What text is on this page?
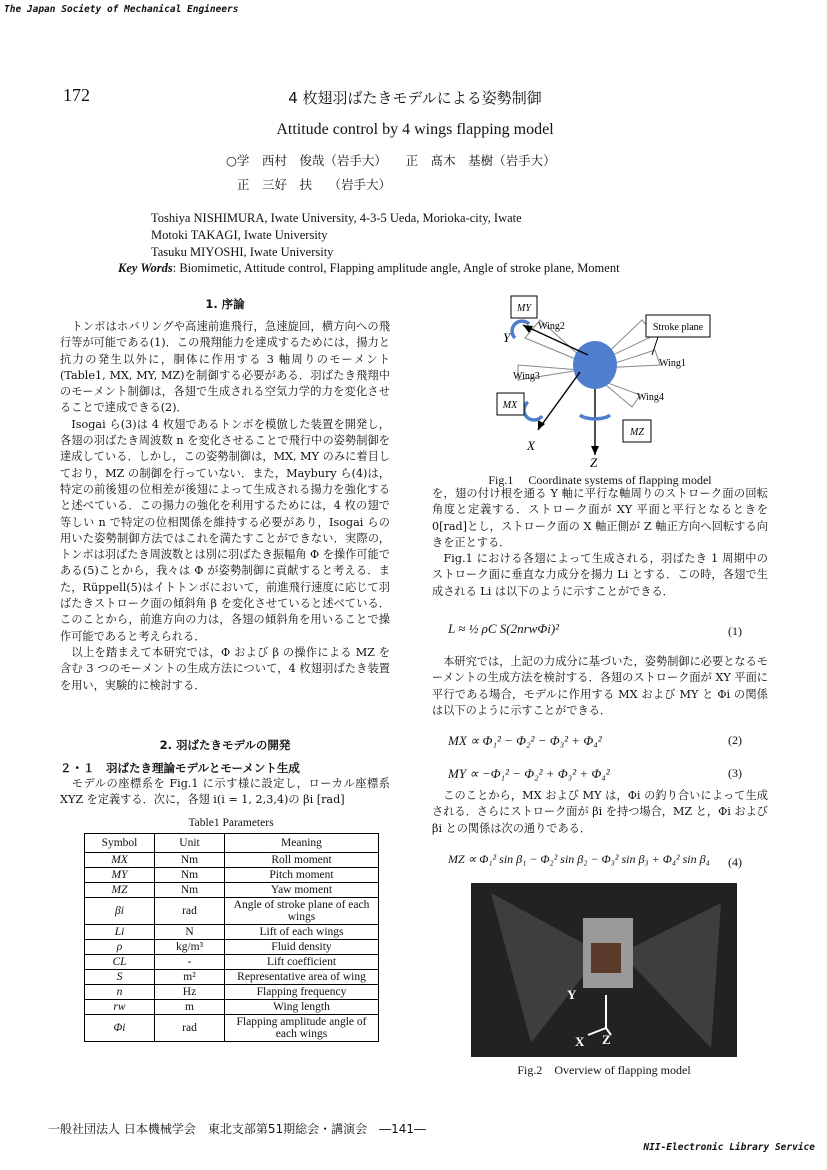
The Japan Society of Mechanical Engineers
NII-Electronic Library Service
172	4 枚翅羽ばたきモデルによる姿勢制御
Attitude control by 4 wings flapping model
○学　西村　俊哉（岩手大）　　正　髙木　基樹（岩手大）
正　三好　扶　 （岩手大）
Toshiya NISHIMURA, Iwate University, 4-3-5 Ueda, Morioka-city, Iwate
Motoki TAKAGI, Iwate University
Tasuku MIYOSHI, Iwate University
Key Words: Biomimetic, Attitude control, Flapping amplitude angle, Angle of stroke plane, Moment
1. 序論
　トンボはホバリングや高速前進飛行，急速旋回，横方向への飛行等が可能である(1)．この飛翔能力を達成するためには，揚力と抗力の発生以外に，胴体に作用する 3 軸周りのモーメント(Table1, MX, MY, MZ)を制御する必要がある．羽ばたき飛翔中のモーメント制御は，各翅で生成される空気力学的力を変化させることで達成できる(2)．
　Isogai ら(3)は 4 枚翅であるトンボを模倣した装置を開発し，各翅の羽ばたき周波数 n を変化させることで飛行中の姿勢制御を達成している．しかし，この姿勢制御は，MX, MY のみに着目しており，MZ の制御を行っていない．また，Maybury ら(4)は，特定の前後翅の位相差が後翅によって生成される揚力を強化すると述べている．この揚力の強化を利用するためには，4 枚の翅で等しい n で特定の位相関係を維持する必要があり，Isogai らの用いた姿勢制御方法ではこれを満たすことができない．実際の，トンボは羽ばたき周波数とは別に羽ばたき振幅角 Φ を操作可能である(5)ことから，我々は Φ が姿勢制御に貢献すると考える．また，Rüppell(5)はイトトンボにおいて，前進飛行速度に応じて羽ばたきストローク面の傾斜角 β を変化させていると述べている．このことから，前進方向の力は，各翅の傾斜角を用いることで操作可能であると考えられる．
　以上を踏まえて本研究では，Φ および β の操作による MZ を含む 3 つのモーメントの生成方法について，4 枚翅羽ばたき装置を用い，実験的に検討する．
2. 羽ばたきモデルの開発
２・１　羽ばたき理論モデルとモーメント生成
　モデルの座標系を Fig.1 に示す様に設定し，ローカル座標系 XYZ を定義する．次に，各翅 i(i = 1, 2,3,4)の βi [rad]
Table1 Parameters
Symbol	Unit	Meaning
MX	Nm	Roll moment
MY	Nm	Pitch moment
MZ	Nm	Yaw moment
βi	rad	Angle of stroke plane of each wings
Li	N	Lift of each wings
ρ	kg/m³	Fluid density
CL	-	Lift coefficient
S	m²	Representative area of wing
n	Hz	Flapping frequency
rw	m	Wing length
Φi	rad	Flapping amplitude angle of each wings
MY
MX
MZ
Stroke plane
Wing2
Wing1
Wing3
Wing4
X
Y
Z
Fig.1　 Coordinate systems of flapping model
を，翅の付け根を通る Y 軸に平行な軸周りのストローク面の回転角度と定義する．ストローク面が XY 平面と平行となるときを 0[rad]とし，ストローク面の X 軸正側が Z 軸正方向へ回転する向きを正とする．
　Fig.1 における各翅によって生成される，羽ばたき 1 周期中のストローク面に垂直な力成分を揚力 Li とする．この時，各翅で生成される Li は以下のように示すことができる．
L ≈ ½ ρC S(2nrwΦi)²	(1)
　本研究では，上記の力成分に基づいた，姿勢制御に必要となるモーメントの生成方法を検討する．各翅のストローク面が XY 平面に平行である場合，モデルに作用する MX および MY と Φi の関係は以下のように示すことができる．
MX ∝ Φ₁² − Φ₂² − Φ₃² + Φ₄²	(2)
MY ∝ −Φ₁² − Φ₂² + Φ₃² + Φ₄²	(3)
　このことから，MX および MY は，Φi の釣り合いによって生成される．さらにストローク面が βi を持つ場合，MZ と，Φi および βi との関係は次の通りである．
MZ ∝ Φ₁² sin β₁ − Φ₂² sin β₂ − Φ₃² sin β₃ + Φ₄² sin β₄ (4)
Y
X Z
Fig.2　Overview of flapping model
一般社団法人 日本機械学会　東北支部第51期総会・講演会　―141―
